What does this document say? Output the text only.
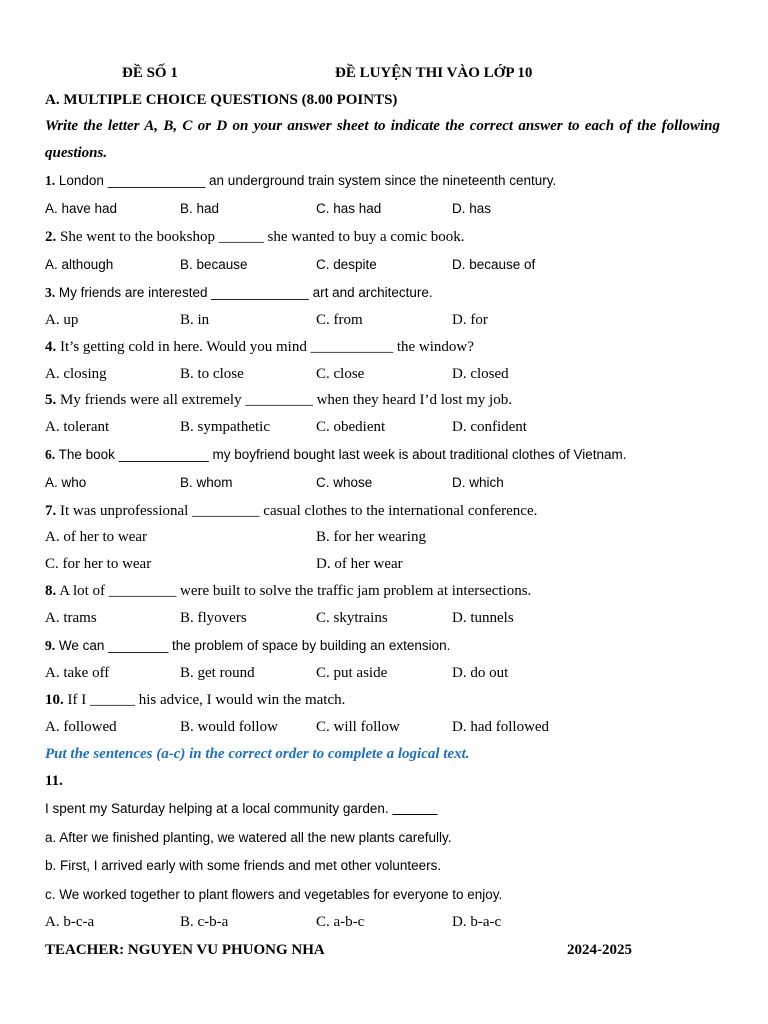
ĐỀ SỐ 1	ĐỀ LUYỆN THI VÀO LỚP 10
A. MULTIPLE CHOICE QUESTIONS (8.00 POINTS)
Write the letter A, B, C or D on your answer sheet to indicate the correct answer to each of the following questions.
1. London _____________ an underground train system since the nineteenth century.
A. have had	B. had	C. has had	D. has
2. She went to the bookshop ______ she wanted to buy a comic book.
A. although	B. because	C. despite	D. because of
3. My friends are interested _____________ art and architecture.
A. up	B. in	C. from	D. for
4. It’s getting cold in here. Would you mind ___________ the window?
A. closing	B. to close	C. close	D. closed
5. My friends were all extremely _________ when they heard I’d lost my job.
A. tolerant	B. sympathetic	C. obedient	D. confident
6. The book ____________ my boyfriend bought last week is about traditional clothes of Vietnam.
A. who	B. whom	C. whose	D. which
7. It was unprofessional _________ casual clothes to the international conference.
A. of her to wear	B. for her wearing
C. for her to wear	D. of her wear
8. A lot of _________ were built to solve the traffic jam problem at intersections.
A. trams	B. flyovers	C. skytrains	D. tunnels
9. We can ________ the problem of space by building an extension.
A. take off	B. get round	C. put aside	D. do out
10. If I ______ his advice, I would win the match.
A. followed	B. would follow	C. will follow	D. had followed
Put the sentences (a-c) in the correct order to complete a logical text.
11.
I spent my Saturday helping at a local community garden. ______
a. After we finished planting, we watered all the new plants carefully.
b. First, I arrived early with some friends and met other volunteers.
c. We worked together to plant flowers and vegetables for everyone to enjoy.
A. b-c-a	B. c-b-a	C. a-b-c	D. b-a-c
TEACHER: NGUYEN VU PHUONG NHA	2024-2025
